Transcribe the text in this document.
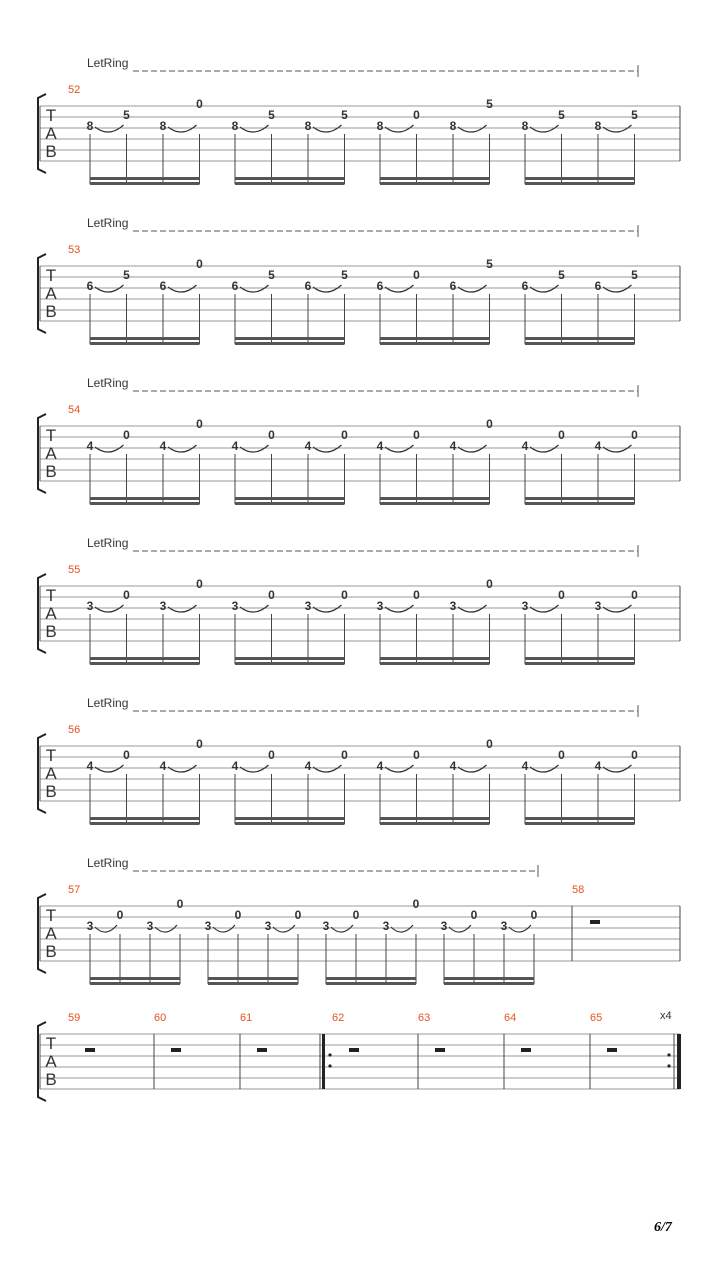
T
A
B
LetRing
52
8
5
8
0
8
5
8
5
8
0
8
5
8
5
8
5
T
A
B
LetRing
53
6
5
6
0
6
5
6
5
6
0
6
5
6
5
6
5
T
A
B
LetRing
54
4
0
4
0
4
0
4
0
4
0
4
0
4
0
4
0
T
A
B
LetRing
55
3
0
3
0
3
0
3
0
3
0
3
0
3
0
3
0
T
A
B
LetRing
56
4
0
4
0
4
0
4
0
4
0
4
0
4
0
4
0
T
A
B
LetRing
57
3
0
3
0
3
0
3
0
3
0
3
0
3
0
3
0
58
T
A
B
59	60	61	62	63	64	65	x4
6/7
